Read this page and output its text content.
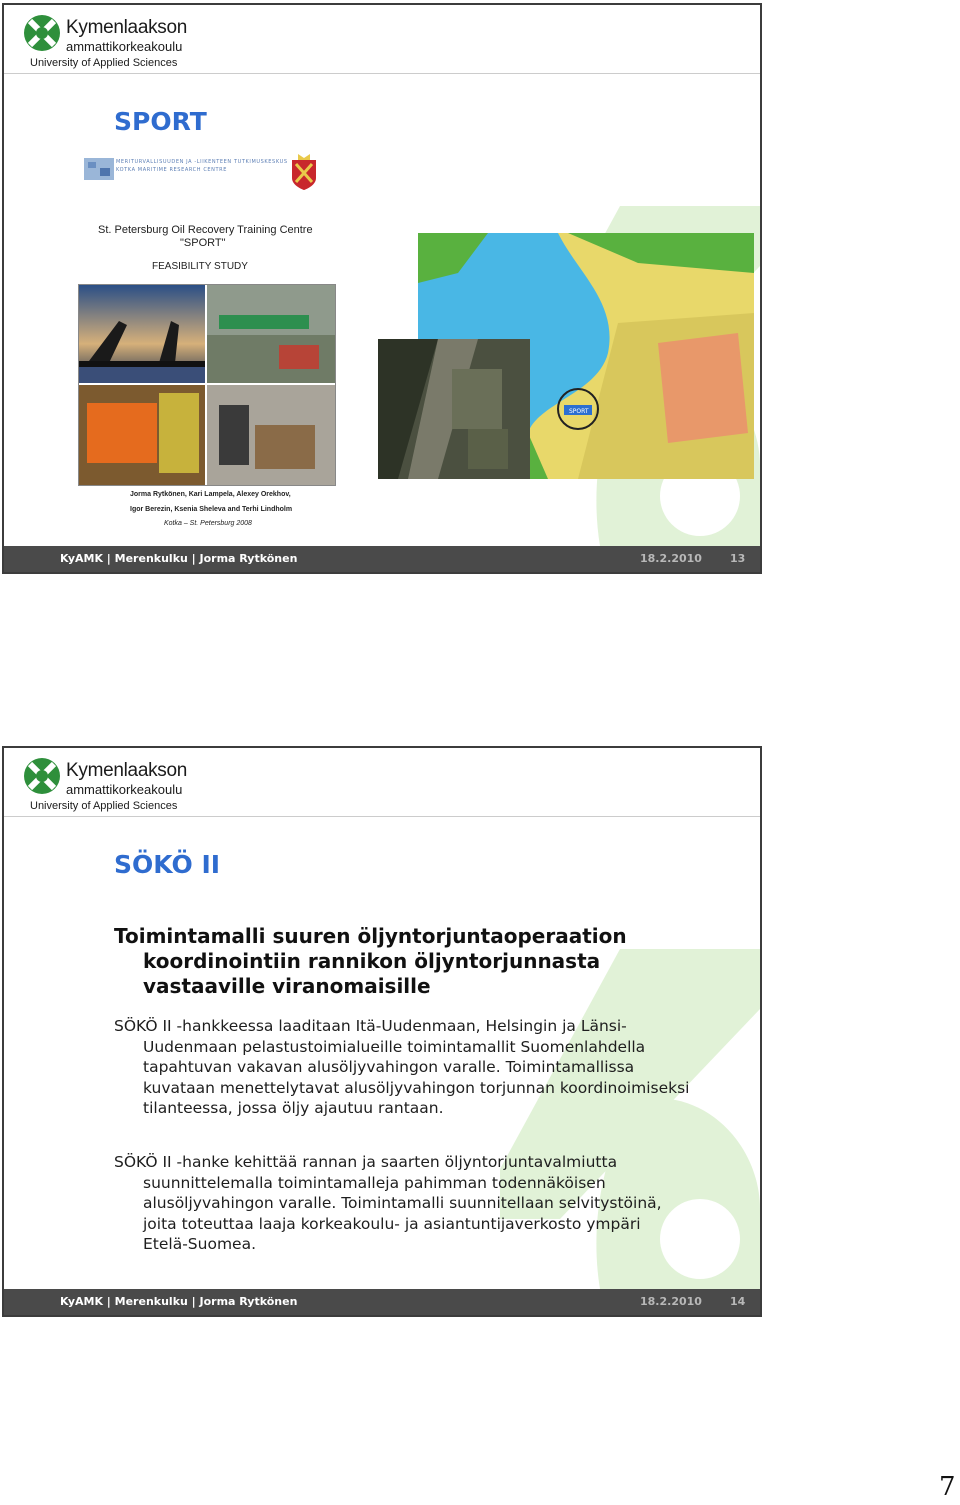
Kymenlaakson
ammattikorkeakoulu
University of Applied Sciences
SPORT
MERITURVALLISUUDEN JA -LIIKENTEEN TUTKIMUSKESKUS
KOTKA MARITIME RESEARCH CENTRE
St. Petersburg Oil Recovery Training Centre
"SPORT"
FEASIBILITY STUDY
Jorma Rytkönen, Kari Lampela, Alexey Orekhov,
Igor Berezin, Ksenia Sheleva and Terhi Lindholm
Kotka – St. Petersburg 2008
SPORT
KyAMK | Merenkulku | Jorma Rytkönen	18.2.2010	13
Kymenlaakson
ammattikorkeakoulu
University of Applied Sciences
SÖKÖ II
Toimintamalli suuren öljyntorjuntaoperaation
koordinointiin rannikon öljyntorjunnasta
vastaaville viranomaisille
SÖKÖ II -hankkeessa laaditaan Itä-Uudenmaan, Helsingin ja Länsi-
Uudenmaan pelastustoimialueille toimintamallit Suomenlahdella
tapahtuvan vakavan alusöljyvahingon varalle. Toimintamallissa
kuvataan menettelytavat alusöljyvahingon torjunnan koordinoimiseksi
tilanteessa, jossa öljy ajautuu rantaan.
SÖKÖ II -hanke kehittää rannan ja saarten öljyntorjuntavalmiutta
suunnittelemalla toimintamalleja pahimman todennäköisen
alusöljyvahingon varalle. Toimintamalli suunnitellaan selvitystöinä,
joita toteuttaa laaja korkeakoulu- ja asiantuntijaverkosto ympäri
Etelä-Suomea.
KyAMK | Merenkulku | Jorma Rytkönen	18.2.2010	14
7
